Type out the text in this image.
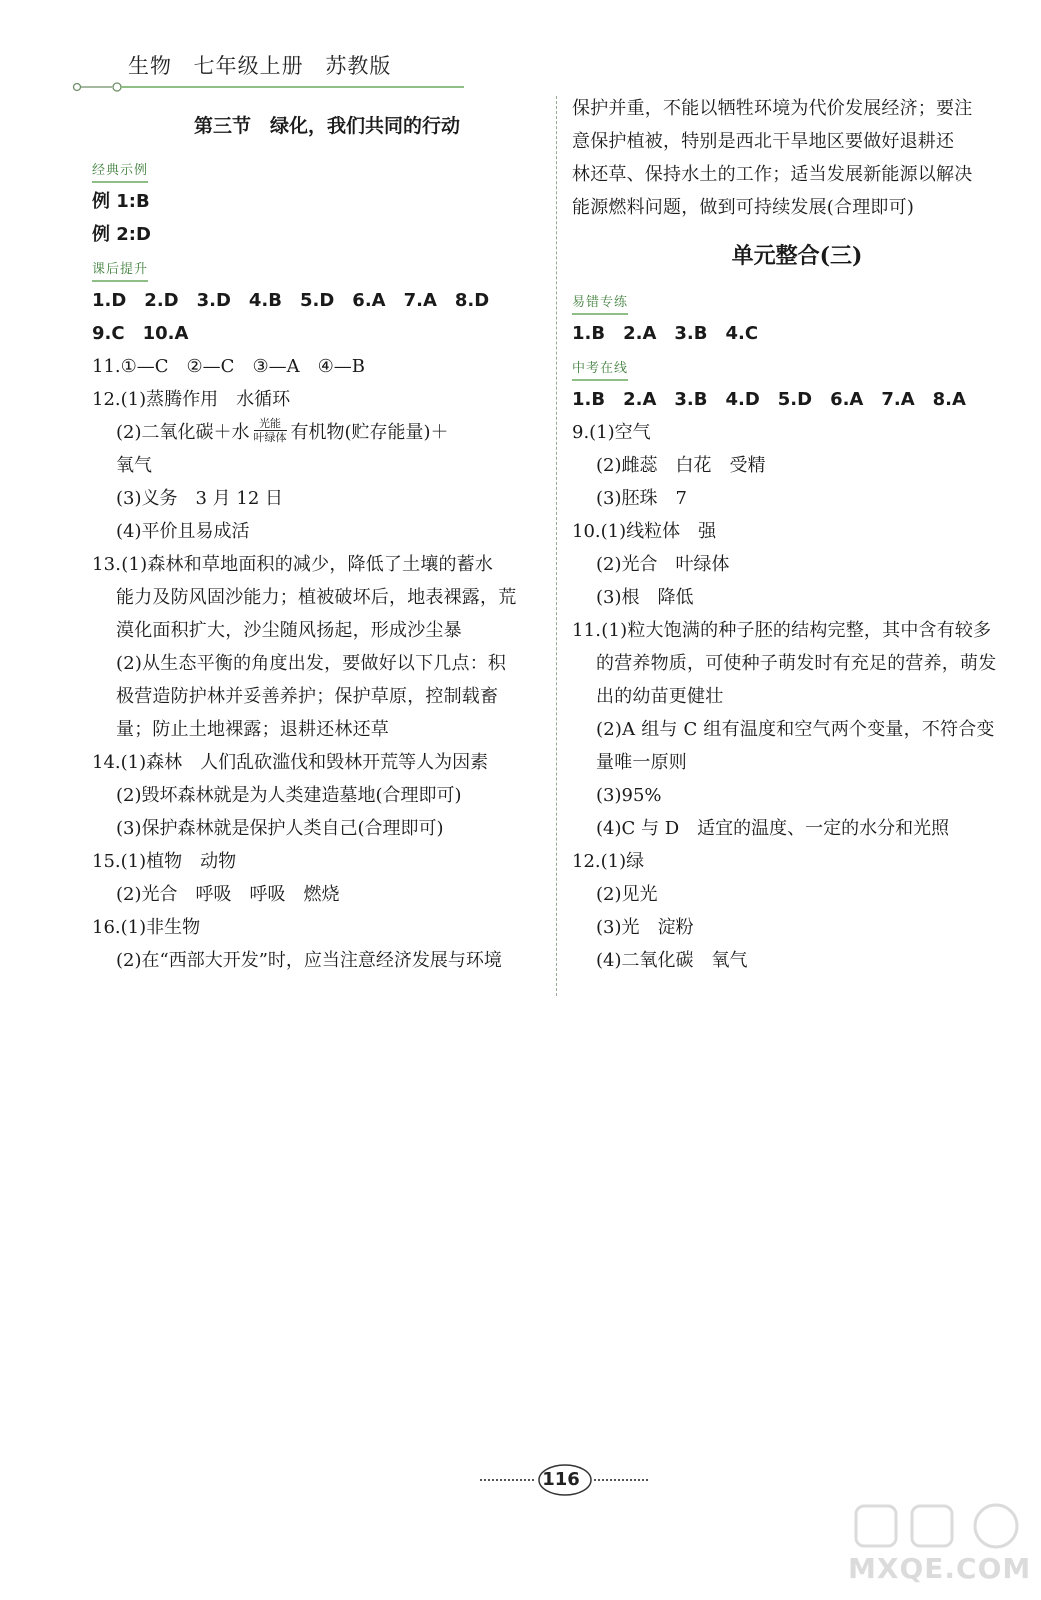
生物 七年级上册 苏教版
第三节　绿化，我们共同的行动
经典示例
例 1:B
例 2:D
课后提升
1.D　2.D　3.D　4.B　5.D　6.A　7.A　8.D
9.C　10.A
11.①—C　②—C　③—A　④—B
12.(1)蒸腾作用　水循环
(2)二氧化碳＋水 光能
叶绿体 有机物(贮存能量)＋
氧气
(3)义务　3 月 12 日
(4)平价且易成活
13.(1)森林和草地面积的减少，降低了土壤的蓄水
能力及防风固沙能力；植被破坏后，地表裸露，荒
漠化面积扩大，沙尘随风扬起，形成沙尘暴
(2)从生态平衡的角度出发，要做好以下几点：积
极营造防护林并妥善养护；保护草原，控制载畜
量；防止土地裸露；退耕还林还草
14.(1)森林　人们乱砍滥伐和毁林开荒等人为因素
(2)毁坏森林就是为人类建造墓地(合理即可)
(3)保护森林就是保护人类自己(合理即可)
15.(1)植物　动物
(2)光合　呼吸　呼吸　燃烧
16.(1)非生物
(2)在“西部大开发”时，应当注意经济发展与环境
保护并重，不能以牺牲环境为代价发展经济；要注
意保护植被，特别是西北干旱地区要做好退耕还
林还草、保持水土的工作；适当发展新能源以解决
能源燃料问题，做到可持续发展(合理即可)
单元整合(三)
易错专练
1.B　2.A　3.B　4.C
中考在线
1.B　2.A　3.B　4.D　5.D　6.A　7.A　8.A
9.(1)空气
(2)雌蕊　白花　受精
(3)胚珠　7
10.(1)线粒体　强
(2)光合　叶绿体
(3)根　降低
11.(1)粒大饱满的种子胚的结构完整，其中含有较多
的营养物质，可使种子萌发时有充足的营养，萌发
出的幼苗更健壮
(2)A 组与 C 组有温度和空气两个变量，不符合变
量唯一原则
(3)95%
(4)C 与 D　适宜的温度、一定的水分和光照
12.(1)绿
(2)见光
(3)光　淀粉
(4)二氧化碳　氧气
116
MXQE.COM
